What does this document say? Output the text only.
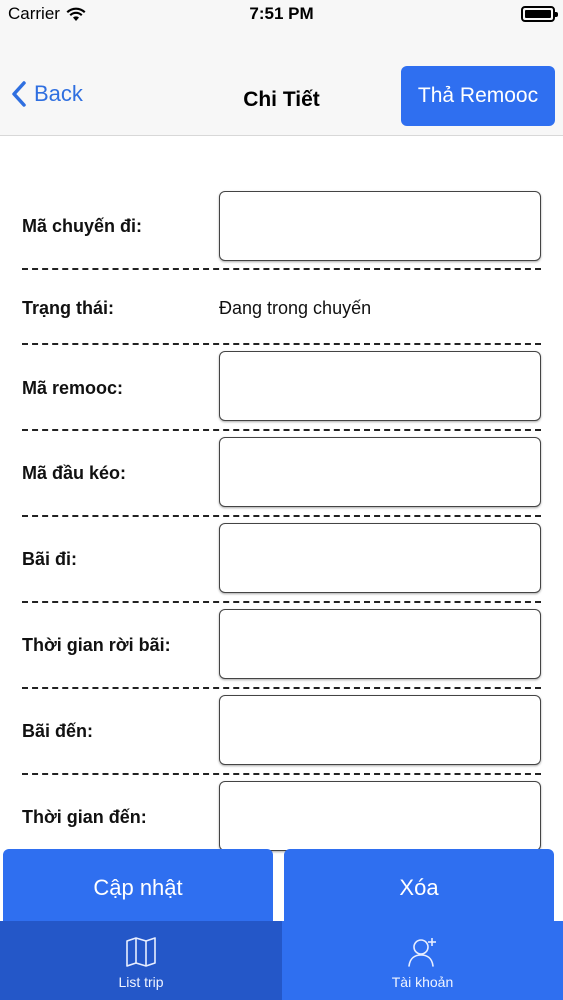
Carrier	7:51 PM
Back	Chi Tiết	Thả Remooc
Mã chuyến đi:
Trạng thái:	Đang trong chuyến
Mã remooc:
Mã đầu kéo:
Bãi đi:
Thời gian rời bãi:
Bãi đến:
Thời gian đến:
Cập nhật	Xóa
List trip	Tài khoản
